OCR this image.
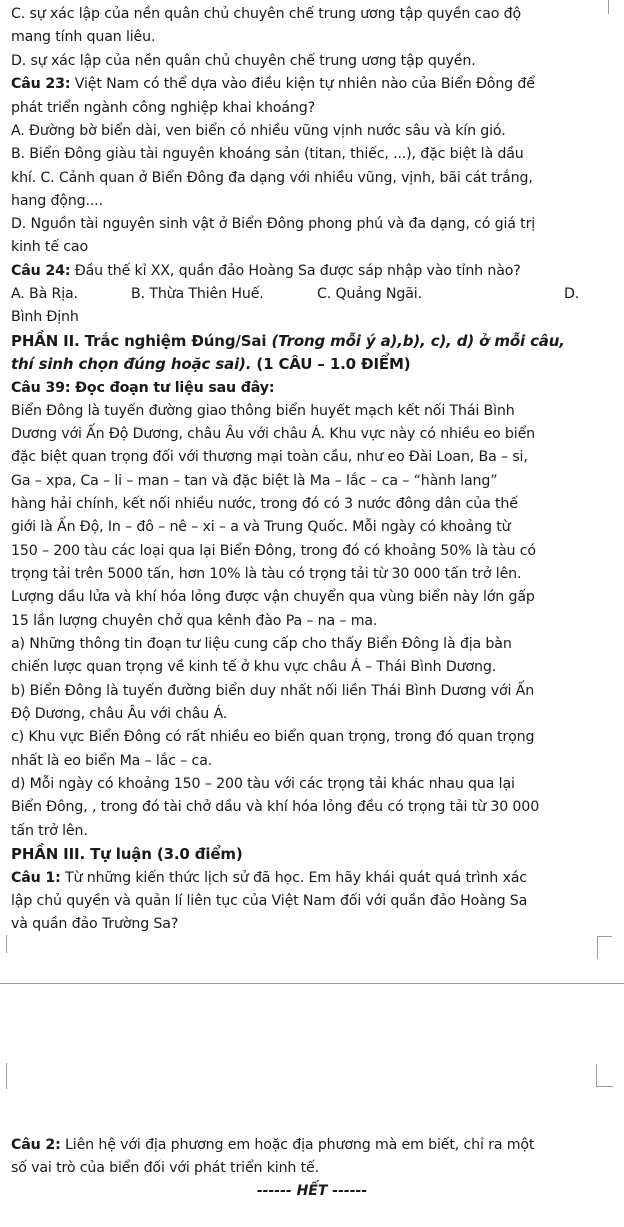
C. sự xác lập của nền quân chủ chuyên chế trung ương tập quyền cao độ
mang tính quan liêu.
D. sự xác lập của nền quân chủ chuyên chế trung ương tập quyền.
Câu 23: Việt Nam có thể dựa vào điều kiện tự nhiên nào của Biển Đông để
phát triển ngành công nghiệp khai khoáng?
A. Đường bờ biển dài, ven biển có nhiều vũng vịnh nước sâu và kín gió.
B. Biển Đông giàu tài nguyên khoáng sản (titan, thiếc, ...), đặc biệt là dầu
khí. C. Cảnh quan ở Biển Đông đa dạng với nhiều vũng, vịnh, bãi cát trắng,
hang động....
D. Nguồn tài nguyên sinh vật ở Biển Đông phong phú và đa dạng, có giá trị
kinh tế cao
Câu 24: Đầu thế kỉ XX, quần đảo Hoàng Sa được sáp nhập vào tỉnh nào?
A. Bà Rịa.	B. Thừa Thiên Huế.	C. Quảng Ngãi.	D.
Bình Định
PHẦN II. Trắc nghiệm Đúng/Sai (Trong mỗi ý a),b), c), d) ở mỗi câu,
thí sinh chọn đúng hoặc sai). (1 CÂU – 1.0 ĐIỂM)
Câu 39: Đọc đoạn tư liệu sau đây:
Biển Đông là tuyến đường giao thông biển huyết mạch kết nối Thái Bình
Dương với Ấn Độ Dương, châu Âu với châu Á. Khu vực này có nhiều eo biển
đặc biệt quan trọng đối với thương mại toàn cầu, như eo Đài Loan, Ba – si,
Ga – xpa, Ca – li – man – tan và đặc biệt là Ma – lắc – ca – “hành lang”
hàng hải chính, kết nối nhiều nước, trong đó có 3 nước đông dân của thế
giới là Ấn Độ, In – đô – nê – xi – a và Trung Quốc. Mỗi ngày có khoảng từ
150 – 200 tàu các loại qua lại Biển Đông, trong đó có khoảng 50% là tàu có
trọng tải trên 5000 tấn, hơn 10% là tàu có trọng tải từ 30 000 tấn trở lên.
Lượng dầu lửa và khí hóa lỏng được vận chuyển qua vùng biển này lớn gấp
15 lần lượng chuyên chở qua kênh đào Pa – na – ma.
a) Những thông tin đoạn tư liệu cung cấp cho thấy Biển Đông là địa bàn
chiến lược quan trọng về kinh tế ở khu vực châu Á – Thái Bình Dương.
b) Biển Đông là tuyến đường biển duy nhất nối liền Thái Bình Dương với Ấn
Độ Dương, châu Âu với châu Á.
c) Khu vực Biển Đông có rất nhiều eo biển quan trọng, trong đó quan trọng
nhất là eo biển Ma – lắc – ca.
d) Mỗi ngày có khoảng 150 – 200 tàu với các trọng tải khác nhau qua lại
Biển Đông, , trong đó tài chở dầu và khí hóa lỏng đều có trọng tải từ 30 000
tấn trở lên.
PHẦN III. Tự luận (3.0 điểm)
Câu 1: Từ những kiến thức lịch sử đã học. Em hãy khái quát quá trình xác
lập chủ quyền và quản lí liên tục của Việt Nam đối với quần đảo Hoàng Sa
và quần đảo Trường Sa?
Câu 2: Liên hệ với địa phương em hoặc địa phương mà em biết, chỉ ra một
số vai trò của biển đối với phát triển kinh tế.
------ HẾT ------
